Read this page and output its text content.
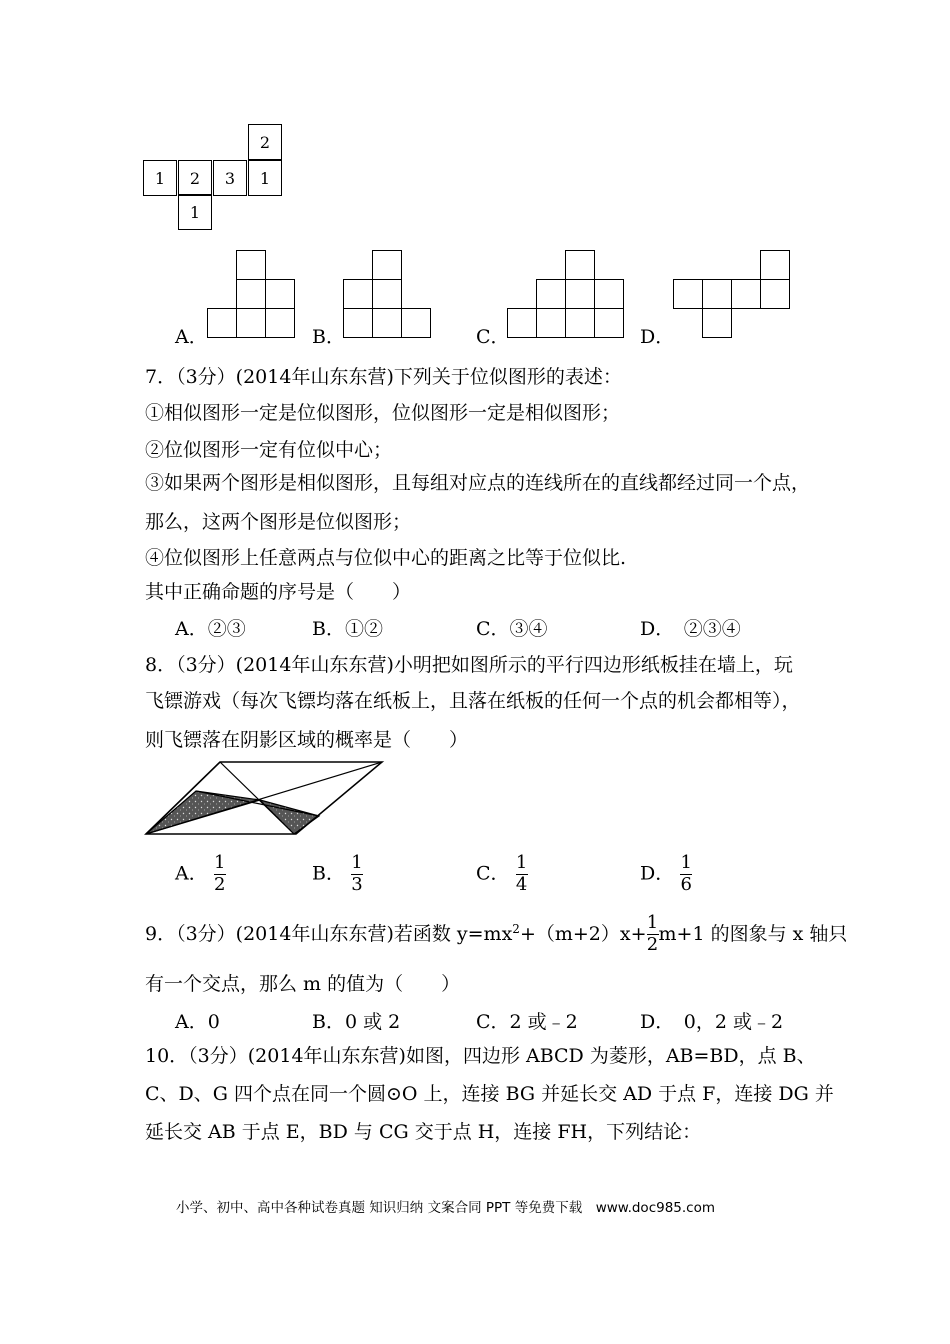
2
1	2	3	1
1
A．	B．	C．	D．
7．（3分）(2014年山东东营)下列关于位似图形的表述：
①相似图形一定是位似图形，位似图形一定是相似图形；
②位似图形一定有位似中心；
③如果两个图形是相似图形，且每组对应点的连线所在的直线都经过同一个点，
那么，这两个图形是位似图形；
④位似图形上任意两点与位似中心的距离之比等于位似比.
其中正确命题的序号是（　　）
A．②③	B．①②	C．③④	D．　②③④
8．（3分）(2014年山东东营)小明把如图所示的平行四边形纸板挂在墙上，玩
飞镖游戏（每次飞镖均落在纸板上，且落在纸板的任何一个点的机会都相等），
则飞镖落在阴影区域的概率是（　　）
A． $\frac{1}{2}$	B． $\frac{1}{3}$	C． $\frac{1}{4}$	D． $\frac{1}{6}$
9．（3分）(2014年山东东营)若函数 $y=mx^2 +(m+2)x+ \frac{1}{2} m+1$ 的图象与 x 轴只
有一个交点，那么 m 的值为（　　）
A．0	B．0 或 2	C．2 或﹣2	D．　0，2 或﹣2
10．（3分）(2014年山东东营)如图，四边形 ABCD 为菱形，AB=BD，点 B、
C、D、G 四个点在同一个圆⊙O 上，连接 BG 并延长交 AD 于点 F，连接 DG 并
延长交 AB 于点 E，BD 与 CG 交于点 H，连接 FH，下列结论：
小学、初中、高中各种试卷真题 知识归纳 文案合同 PPT 等免费下载　www.doc985.com
